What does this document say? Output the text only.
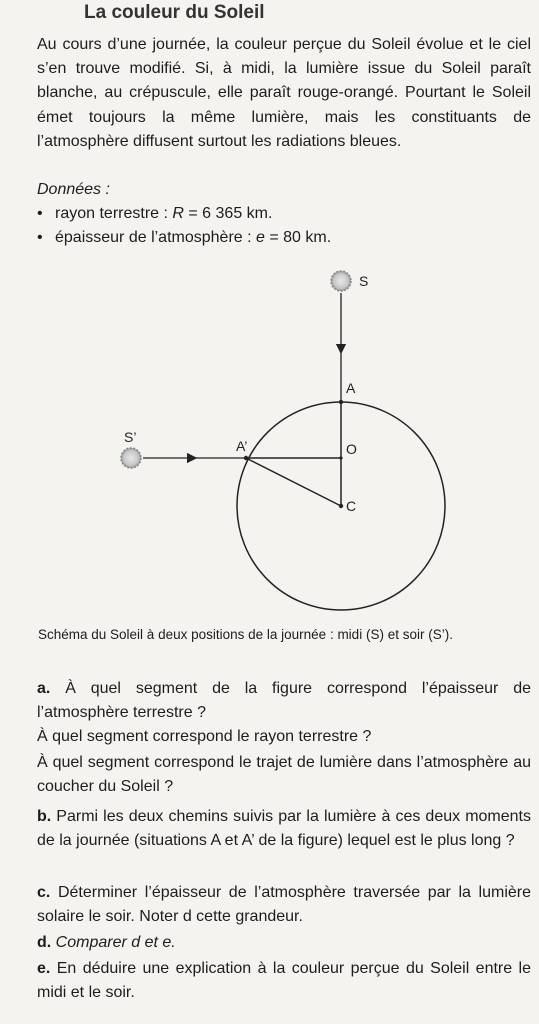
La couleur du Soleil

Au cours d’une journée, la couleur perçue du Soleil évolue et le ciel s’en trouve modifié. Si, à midi, la lumière issue du Soleil paraît blanche, au crépuscule, elle paraît rouge-orangé. Pourtant le Soleil émet toujours la même lumière, mais les constituants de l’atmosphère diffusent surtout les radiations bleues.

Données :
• rayon terrestre : R = 6 365 km.
• épaisseur de l’atmosphère : e = 80 km.
S
S’
A
A’	O
C
Schéma du Soleil à deux positions de la journée : midi (S) et soir (S’).

a. À quel segment de la figure correspond l’épaisseur de l’atmosphère terrestre ?

À quel segment correspond le rayon terrestre ?

À quel segment correspond le trajet de lumière dans l’atmosphère au coucher du Soleil ?

b. Parmi les deux chemins suivis par la lumière à ces deux moments de la journée (situations A et A’ de la figure) lequel est le plus long ?

c. Déterminer l’épaisseur de l’atmosphère traversée par la lumière solaire le soir. Noter d cette grandeur.

d. Comparer d et e.

e. En déduire une explication à la couleur perçue du Soleil entre le midi et le soir.
